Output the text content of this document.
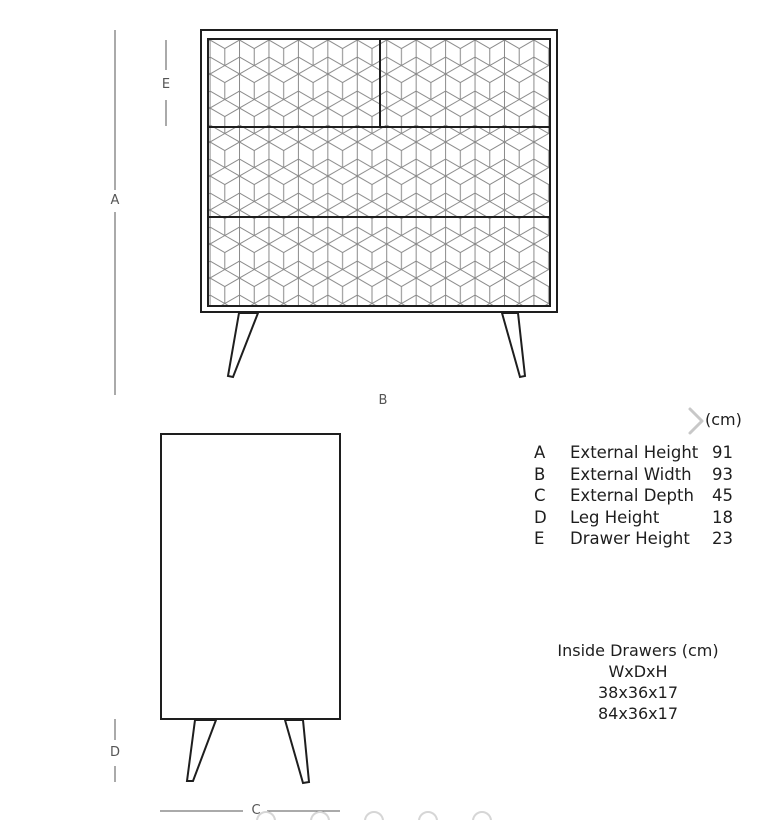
A
E
B
D
C
(cm)
A External Height 91
B External Width 93
C External Depth 45
D Leg Height	18
E Drawer Height 23
Inside Drawers (cm)
WxDxH
38x36x17
84x36x17
